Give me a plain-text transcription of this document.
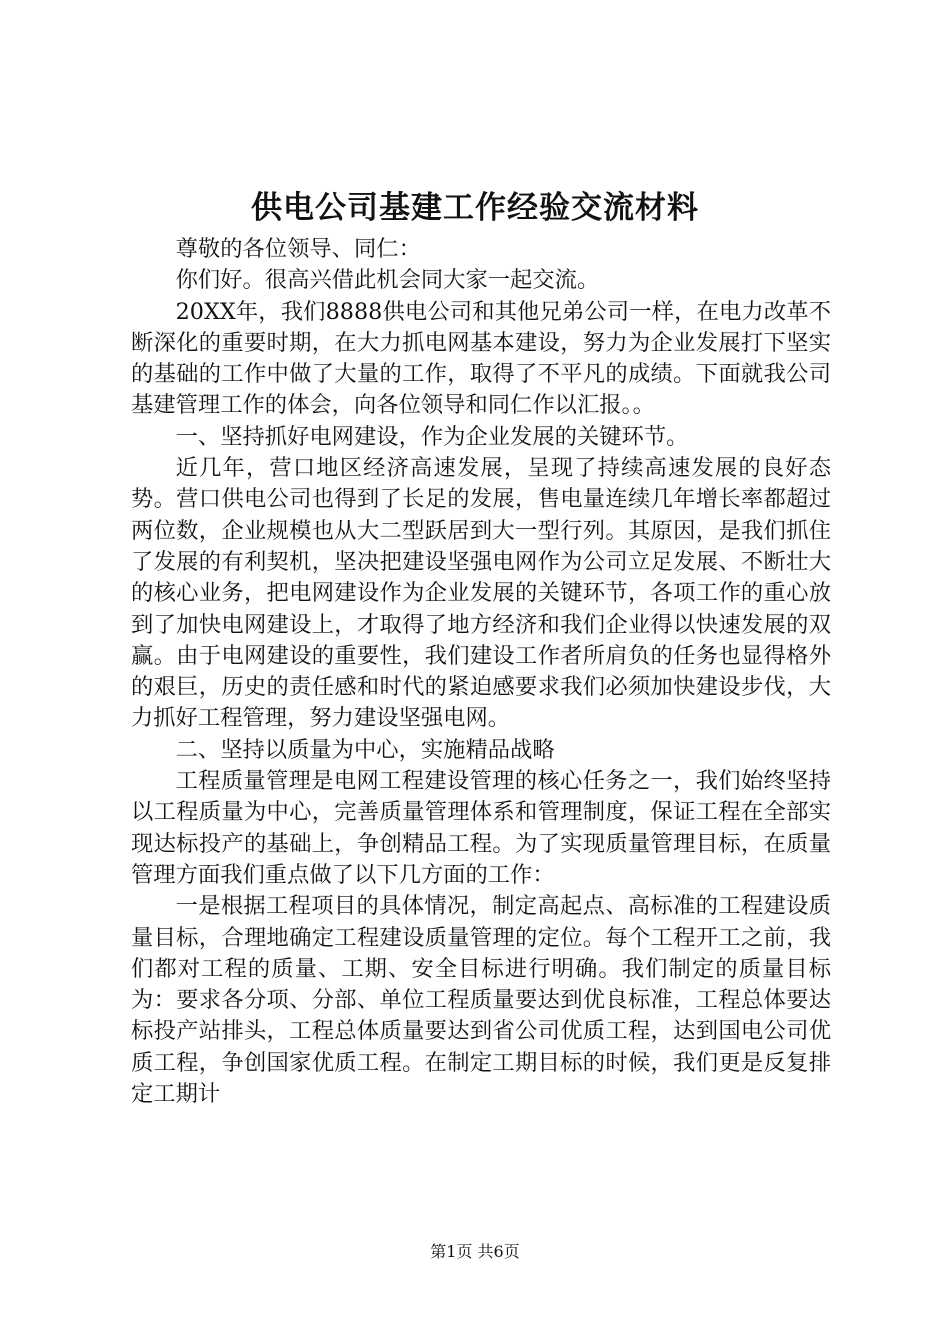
供电公司基建工作经验交流材料

尊敬的各位领导、同仁：

你们好。很高兴借此机会同大家一起交流。

20XX年，我们8888供电公司和其他兄弟公司一样，在电力改革不断深化的重要时期，在大力抓电网基本建设，努力为企业发展打下坚实的基础的工作中做了大量的工作，取得了不平凡的成绩。下面就我公司基建管理工作的体会，向各位领导和同仁作以汇报。。

一、坚持抓好电网建设，作为企业发展的关键环节。

近几年，营口地区经济高速发展，呈现了持续高速发展的良好态势。营口供电公司也得到了长足的发展，售电量连续几年增长率都超过两位数，企业规模也从大二型跃居到大一型行列。其原因，是我们抓住了发展的有利契机，坚决把建设坚强电网作为公司立足发展、不断壮大的核心业务，把电网建设作为企业发展的关键环节，各项工作的重心放到了加快电网建设上，才取得了地方经济和我们企业得以快速发展的双赢。由于电网建设的重要性，我们建设工作者所肩负的任务也显得格外的艰巨，历史的责任感和时代的紧迫感要求我们必须加快建设步伐，大力抓好工程管理，努力建设坚强电网。

二、坚持以质量为中心，实施精品战略

工程质量管理是电网工程建设管理的核心任务之一，我们始终坚持以工程质量为中心，完善质量管理体系和管理制度，保证工程在全部实现达标投产的基础上，争创精品工程。为了实现质量管理目标，在质量管理方面我们重点做了以下几方面的工作：

一是根据工程项目的具体情况，制定高起点、高标准的工程建设质量目标，合理地确定工程建设质量管理的定位。每个工程开工之前，我们都对工程的质量、工期、安全目标进行明确。我们制定的质量目标为：要求各分项、分部、单位工程质量要达到优良标准，工程总体要达标投产站排头，工程总体质量要达到省公司优质工程，达到国电公司优质工程，争创国家优质工程。在制定工期目标的时候，我们更是反复排定工期计

第1页 共6页
